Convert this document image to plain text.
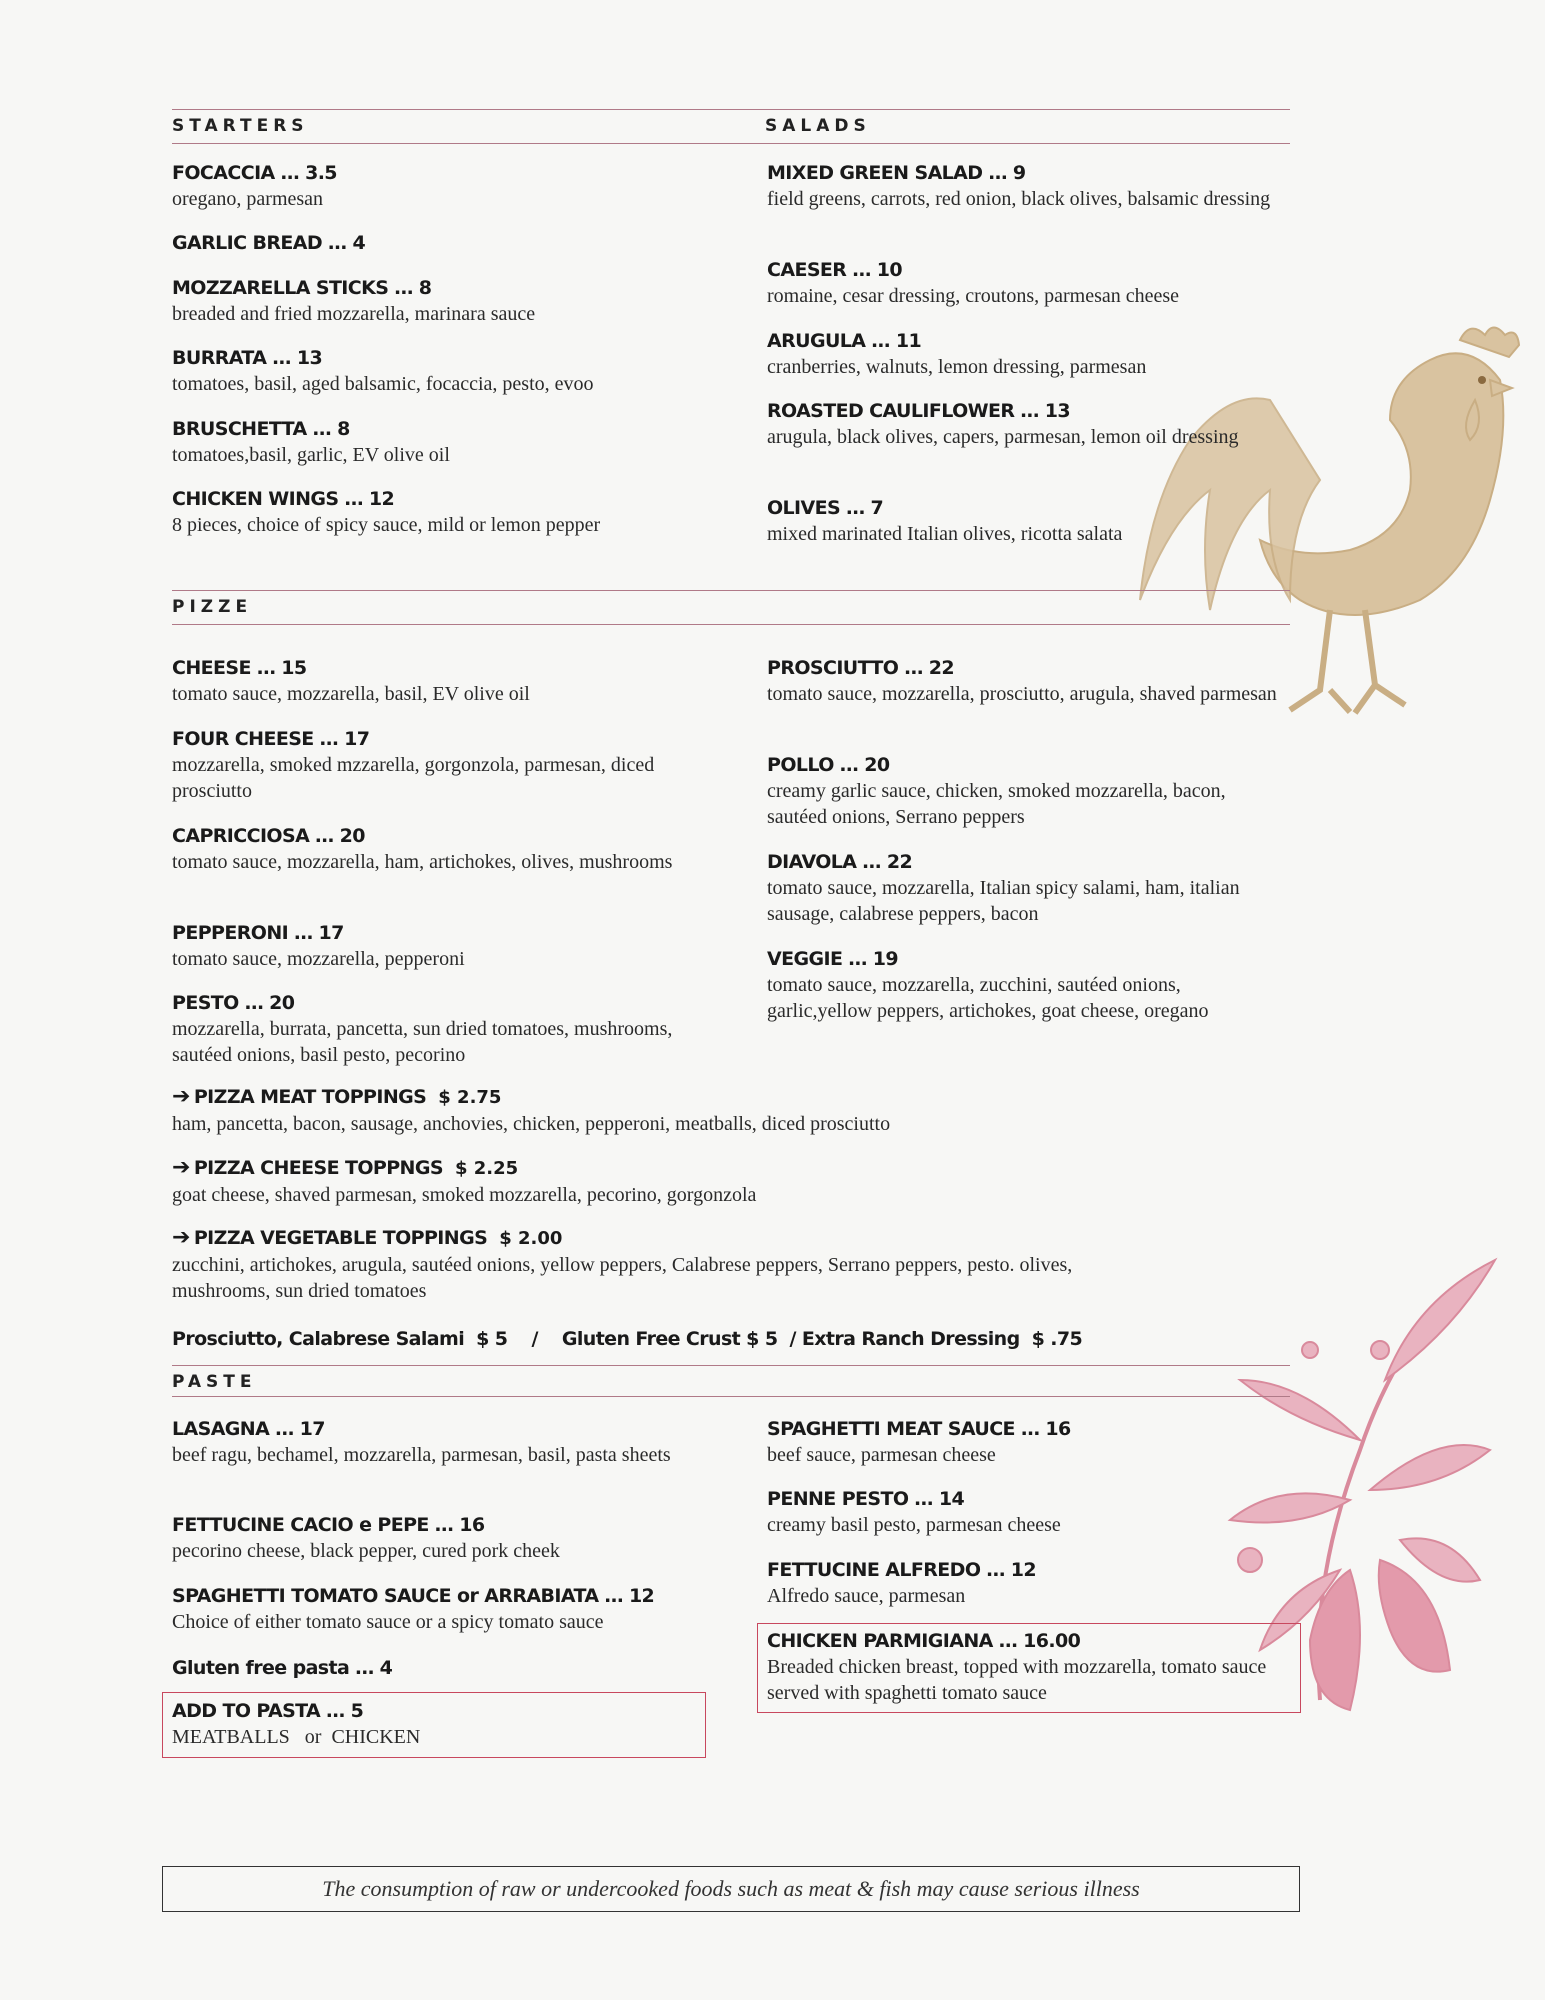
STARTERS	SALADS
PIZZE
PASTE
FOCACCIA … 3.5
oregano, parmesan
GARLIC BREAD … 4
MOZZARELLA STICKS … 8
breaded and fried mozzarella, marinara sauce
BURRATA … 13
tomatoes, basil, aged balsamic, focaccia, pesto, evoo
BRUSCHETTA … 8
tomatoes,basil, garlic, EV olive oil
CHICKEN WINGS … 12
8 pieces, choice of spicy sauce, mild or lemon pepper
MIXED GREEN SALAD … 9
field greens, carrots, red onion, black olives, balsamic dressing
CAESER … 10
romaine, cesar dressing, croutons, parmesan cheese
ARUGULA … 11
cranberries, walnuts, lemon dressing, parmesan
ROASTED CAULIFLOWER … 13
arugula, black olives, capers, parmesan, lemon oil dressing
OLIVES … 7
mixed marinated Italian olives, ricotta salata
CHEESE … 15
tomato sauce, mozzarella, basil, EV olive oil
FOUR CHEESE … 17
mozzarella, smoked mzzarella, gorgonzola, parmesan, diced prosciutto
CAPRICCIOSA … 20
tomato sauce, mozzarella, ham, artichokes, olives, mushrooms
PEPPERONI … 17
tomato sauce, mozzarella, pepperoni
PESTO … 20
mozzarella, burrata, pancetta, sun dried tomatoes, mushrooms, sautéed onions, basil pesto, pecorino
PROSCIUTTO … 22
tomato sauce, mozzarella, prosciutto, arugula, shaved parmesan
POLLO … 20
creamy garlic sauce, chicken, smoked mozzarella, bacon, sautéed onions, Serrano peppers
DIAVOLA … 22
tomato sauce, mozzarella, Italian spicy salami, ham, italian sausage, calabrese peppers, bacon
VEGGIE … 19
tomato sauce, mozzarella, zucchini, sautéed onions, garlic,yellow peppers, artichokes, goat cheese, oregano
➔ PIZZA MEAT TOPPINGS $ 2.75
ham, pancetta, bacon, sausage, anchovies, chicken, pepperoni, meatballs, diced prosciutto
➔ PIZZA CHEESE TOPPNGS $ 2.25
goat cheese, shaved parmesan, smoked mozzarella, pecorino, gorgonzola
➔ PIZZA VEGETABLE TOPPINGS $ 2.00
zucchini, artichokes, arugula, sautéed onions, yellow peppers, Calabrese peppers, Serrano peppers, pesto. olives, mushrooms, sun dried tomatoes
Prosciutto, Calabrese Salami  $ 5    /    Gluten Free Crust $ 5  / Extra Ranch Dressing  $ .75
LASAGNA … 17
beef ragu, bechamel, mozzarella, parmesan, basil, pasta sheets
FETTUCINE CACIO e PEPE … 16
pecorino cheese, black pepper, cured pork cheek
SPAGHETTI TOMATO SAUCE or ARRABIATA … 12
Choice of either tomato sauce or a spicy tomato sauce
Gluten free pasta … 4
ADD TO PASTA … 5
MEATBALLS   or  CHICKEN
SPAGHETTI MEAT SAUCE … 16
beef sauce, parmesan cheese
PENNE PESTO … 14
creamy basil pesto, parmesan cheese
FETTUCINE ALFREDO … 12
Alfredo sauce, parmesan
CHICKEN PARMIGIANA … 16.00
Breaded chicken breast, topped with mozzarella, tomato sauce served with spaghetti tomato sauce
The consumption of raw or undercooked foods such as meat & fish may cause serious illness
